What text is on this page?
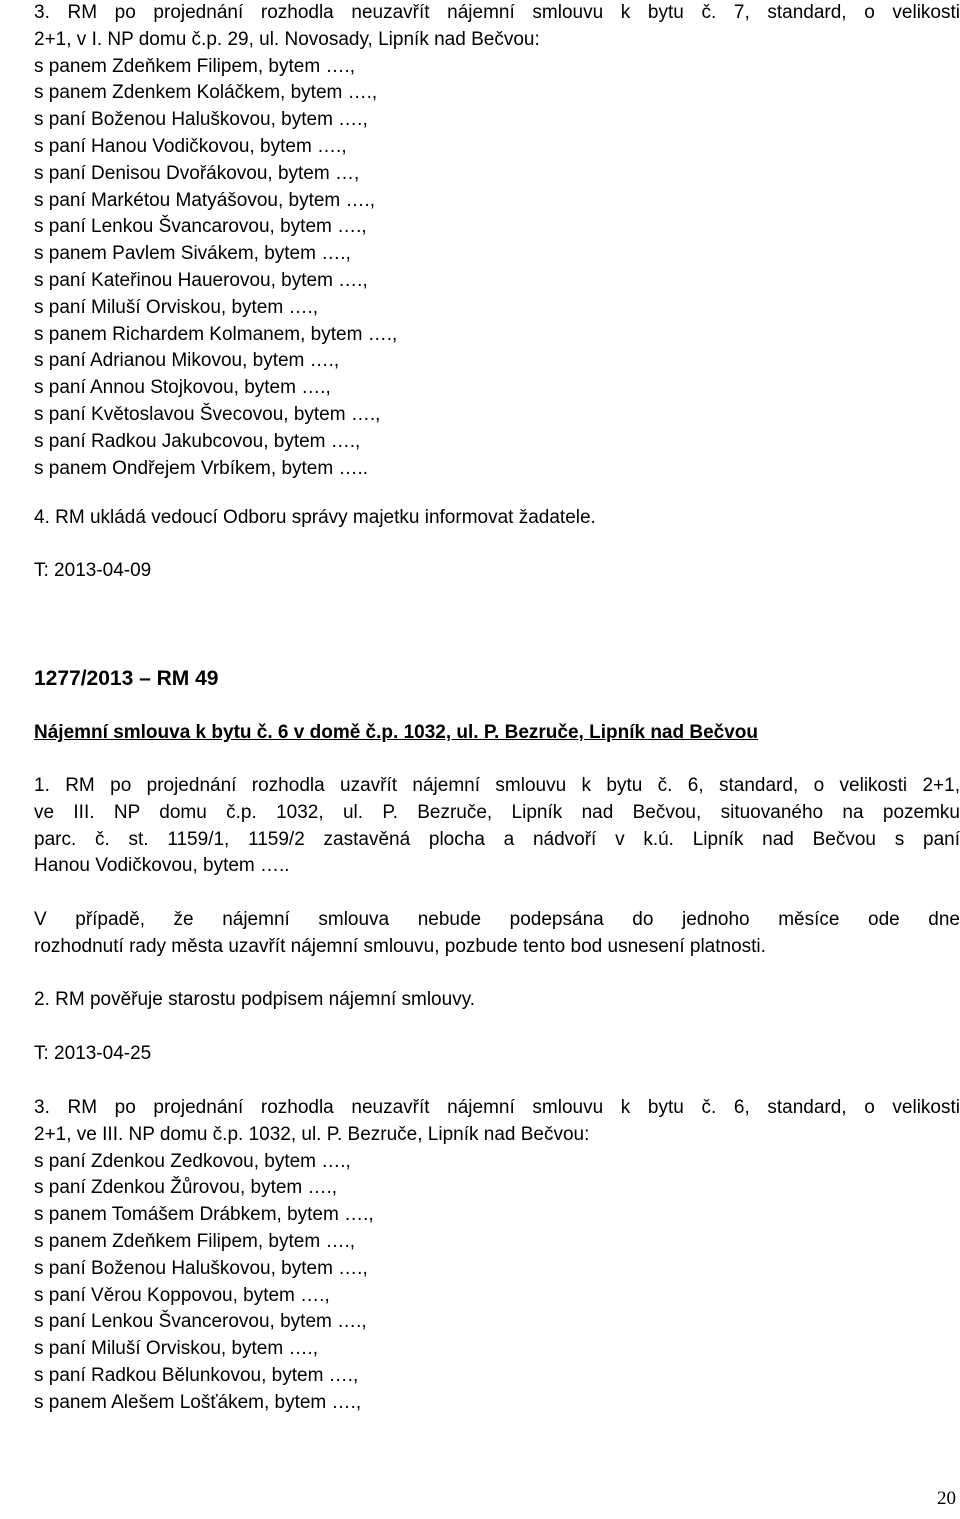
3. RM po projednání rozhodla neuzavřít nájemní smlouvu k bytu č. 7, standard, o velikosti

2+1, v I. NP domu č.p. 29, ul. Novosady, Lipník nad Bečvou:

s panem Zdeňkem Filipem, bytem ….,

s panem Zdenkem Koláčkem, bytem ….,

s paní Boženou Haluškovou, bytem ….,

s paní Hanou Vodičkovou, bytem ….,

s paní Denisou Dvořákovou, bytem …,

s paní Markétou Matyášovou, bytem ….,

s paní Lenkou Švancarovou, bytem ….,

s panem Pavlem Sivákem, bytem ….,

s paní Kateřinou Hauerovou, bytem ….,

s paní Miluší Orviskou, bytem ….,

s panem Richardem Kolmanem, bytem ….,

s paní Adrianou Mikovou, bytem ….,

s paní Annou Stojkovou, bytem ….,

s paní Květoslavou Švecovou, bytem ….,

s paní Radkou Jakubcovou, bytem ….,

s panem Ondřejem Vrbíkem, bytem …..

4. RM ukládá vedoucí Odboru správy majetku informovat žadatele.

T: 2013-04-09

1277/2013 – RM 49

Nájemní smlouva k bytu č. 6 v domě č.p. 1032, ul. P. Bezruče, Lipník nad Bečvou

1. RM po projednání rozhodla uzavřít nájemní smlouvu k bytu č. 6, standard, o velikosti 2+1,

ve III. NP domu č.p. 1032, ul. P. Bezruče, Lipník nad Bečvou, situovaného na pozemku

parc. č. st. 1159/1, 1159/2 zastavěná plocha a nádvoří v k.ú. Lipník nad Bečvou s paní

Hanou Vodičkovou, bytem …..

V případě, že nájemní smlouva nebude podepsána do jednoho měsíce ode dne

rozhodnutí rady města uzavřít nájemní smlouvu, pozbude tento bod usnesení platnosti.

2. RM pověřuje starostu podpisem nájemní smlouvy.

T: 2013-04-25

3. RM po projednání rozhodla neuzavřít nájemní smlouvu k bytu č. 6, standard, o velikosti

2+1, ve III. NP domu č.p. 1032, ul. P. Bezruče, Lipník nad Bečvou:

s paní Zdenkou Zedkovou, bytem ….,

s paní Zdenkou Žůrovou, bytem ….,

s panem Tomášem Drábkem, bytem ….,

s panem Zdeňkem Filipem, bytem ….,

s paní Boženou Haluškovou, bytem ….,

s paní Věrou Koppovou, bytem ….,

s paní Lenkou Švancerovou, bytem ….,

s paní Miluší Orviskou, bytem ….,

s paní Radkou Bělunkovou, bytem ….,

s panem Alešem Lošťákem, bytem ….,

20
